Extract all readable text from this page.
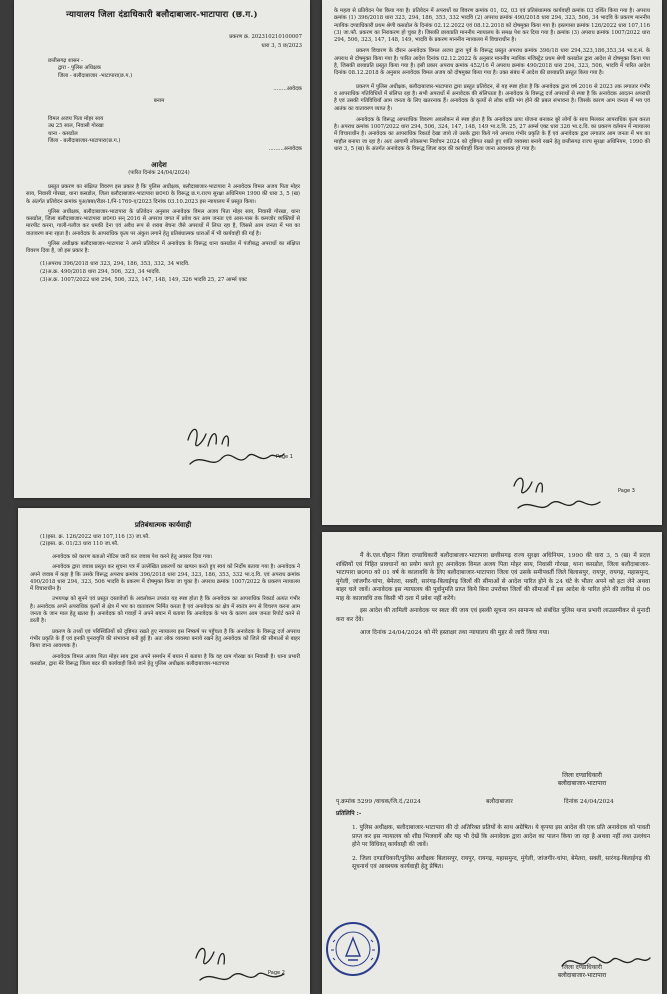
न्यायालय जिला दंडाधिकारी बलौदाबाजार-भाटापारा (छ.ग.)
प्रकरण क्र. 202310210100007
धारा 3, 5 छ/2023
छत्तीसगढ़ शासन -
द्वारा - पुलिस अधिक्षक
जिला - बलौदाबाजार -भाटापारा(छ.ग.)
........आवेदक
बनाम
विमल अजय पिता मोहर साय
उम्र 25 साल, निवासी गोरखा
थाना - कसडोल
जिला - बलौदाबाजार-भाटापारा(छ.ग.)
.........अनावेदक
आदेश
(पारित दिनांक 24/04/2024)
प्रस्तुत प्रकरण का संक्षिप्त विवरण इस प्रकार है कि पुलिस अधीक्षक, बलौदाबाजार-भाटापारा ने अनावेदक विमल अजय पिता मोहर साय, निवासी गोरखा, थाना कसडोल, जिला बलौदाबाजार-भाटापारा छ0ग0 के विरूद्ध छ.ग.राज्य सुरक्षा अधिनियम 1990 की धारा 3, 5 (ख) के अंतर्गत प्रतिवेदन क्रमांक पुअ/बबा/रीडर-1/नि-1769-ए/2023 दिनांक 03.10.2023 इस न्यायालय में प्रस्तुत किया।
पुलिस अधीक्षक, बलौदाबाजार-भाटापारा के प्रतिवेदन अनुसार अनावेदक विमल अजय पिता मोहर साय, निवासी गोरखा, थाना कसडोल, जिला बलौदाबाजार-भाटापारा छ0ग0 सन् 2016 से अपराध जगत में प्रवेश कर आम जनता एवं आस-पास के कमजोर व्यक्तियों से मारपीट करना, गाली-गलौज कर धमकी देना एवं अवैध रूप से शराब बेचना जैसे अपराधों में लिप्त रहा है, जिससे आम जनता में भय का वातावरण बना रहता है। अनावेदक के आपराधिक कृत्य पर अंकुश लगाने हेतु प्रतिबंधात्मक धाराओं में भी कार्यवाही की गई है।
पुलिस अधीक्षक बलौदाबाजार-भाटापारा ने अपने प्रतिवेदन में अनावेदक के विरूद्ध थाना कसडोल में पंजीबद्ध अपराधों का संक्षिप्त विवरण दिया है, जो इस प्रकार है:
(1)अपराध 396/2018 धारा 323, 294, 186, 353, 332, 34 भादवि.
(2)अ.क्र. 490/2018 धारा 294, 506, 323, 34 भादवि.
(3)अ.क्र. 1007/2022 धारा 294, 506, 323, 147, 148, 149, 326 भादवि 25, 27 आर्म्स एक्ट
Page 1
के महत्व से प्रतिवेदन पेश किया गया है। प्रतिवेदन में अपराधों का विवरण क्रमांक 01, 02, 03 एवं प्रतिबंधात्मक कार्यवाही क्रमांक 03 दर्शित किया गया है। अपराध क्रमांक (1) 396/2018 धारा 323, 294, 186, 353, 332 भादवि (2) अपराध क्रमांक 490/2018 धारा 294, 323, 506, 34 भादवि के प्रकरण माननीय न्यायिक दण्डाधिकारी प्रथम श्रेणी कसडोल के दिनांक 02.12.2022 एवं 08.12.2018 को दोषमुक्त किया गया है। इस्तगासा क्रमांक 126/2022 धारा 107,116 (3) जा.फौ. प्रकरण का निराकरण हो चुका है। जिसकी छायाप्रति माननीय न्यायालय के समक्ष पेश कर दिया गया है। क्रमांक (3) अपराध क्रमांक 1007/2022 धारा 294, 506, 323, 147, 148, 149, भादवि के प्रकरण माननीय न्यायालय में विचाराधीन है।
प्रकरण विचारण के दौरान अनावेदक विमल अजय द्वारा पूर्व के विरूद्ध प्रस्तुत अपराध क्रमांक 396/18 धारा 294,323,186,353,34 भा.द.सं. के अपराध से दोषमुक्त किया गया है। पारित आदेश दिनांक 02.12.2022 के अनुसार माननीय न्यायिक मजिस्ट्रेट प्रथम श्रेणी कसडोल द्वारा आदेश से दोषमुक्त किया गया है, जिसकी छायाप्रति प्रस्तुत किया गया है। इसी प्रकार अपराध क्रमांक 452/16 में अपराध क्रमांक 490/2018 धारा 294, 323, 506, भादवि में पारित आदेश दिनांक 08.12.2018 के अनुसार अनावेदक विमल अजय को दोषमुक्त किया गया है। उक्त संबंध में आदेश की छायाप्रति प्रस्तुत किया गया है।
प्रकरण में पुलिस अधीक्षक, बलौदाबाजार-भाटापारा द्वारा प्रस्तुत प्रतिवेदन, से यह स्पष्ट होता है कि अनावेदक द्वारा वर्ष 2016 से 2023 तक लगातार गंभीर व आपराधिक गतिविधियों में संलिप्त रहा है। सभी अपराधों में अनावेदक की संलिप्तता है। अनावेदक के विरूद्ध दर्ज अपराधों से स्पष्ट है कि अनावेदक आदतन अपराधी है एवं उसकी गतिविधियाँ आम जनता के लिए खतरनाक हैं। अनावेदक के कृत्यों से लोक शांति भंग होने की प्रबल संभावना है। जिसके कारण आम जनता में भय एवं आतंक का वातावरण व्याप्त है।
अनावेदक के विरूद्ध आपराधिक विवरण अवलोकन से स्पष्ट होता है कि अनावेदक प्रायः योजना बनाकर बुरे लोगों के साथ मिलकर आपराधिक कृत्य करता है। अपराध क्रमांक 1007/2022 धारा 294, 506, 324, 147, 148, 149 भा.द.वि. 25, 27 आर्म्स एक्ट धारा 326 भा.द.वि. का प्रकरण वर्तमान में न्यायालय में विचाराधीन है। अनावेदक का आपराधिक रिकार्ड देखा जाये तो उसके द्वारा किये गये अपराध गंभीर प्रकृति के हैं एवं अनावेदक द्वारा लगातार आम जनता में भय का माहौल बनाया जा रहा है। अतः आगामी लोकसभा निर्वाचन 2024 को दृष्टिगत रखते हुए शांति व्यवस्था बनाये रखने हेतु छत्तीसगढ़ राज्य सुरक्षा अधिनियम, 1990 की धारा 3, 5 (ख) के अंतर्गत अनावेदक के विरूद्ध जिला बदर की कार्यवाही किया जाना आवश्यक हो गया है।
Page 3
प्रतिबंधात्मक कार्यवाही
(1)इस्त. क्र. 126/2022 धारा 107,116 (3) जा.फौ.
(2)इस्त. क्र. 01/23 धारा 110 जा.फौ.
अनावेदक को कारण बताओ नोटिस जारी कर जवाब पेश करने हेतु अवसर दिया गया।
अनावेदक द्वारा जवाब प्रस्तुत कर सूचना पत्र में उल्लेखित प्रकरणों का खण्डन करते हुए स्वयं को निर्दोष बताया गया है। अनावेदक ने अपने जवाब में कहा है कि उसके विरूद्ध अपराध क्रमांक 396/2018 धारा 294, 323, 186, 353, 332 भा.द.वि. एवं अपराध क्रमांक 490/2018 धारा 294, 323, 506 भादवि के प्रकरण में दोषमुक्त किया जा चुका है। अपराध क्रमांक 1007/2022 के प्रकरण न्यायालय में विचाराधीन है।
उभयपक्ष को सुनने एवं प्रस्तुत दस्तावेजों के अवलोकन उपरांत यह स्पष्ट होता है कि अनावेदक का आपराधिक रिकार्ड अत्यंत गंभीर है। अनावेदक अपने अपराधिक कृत्यों से क्षेत्र में भय का वातावरण निर्मित करता है एवं अनावेदक का क्षेत्र में स्वतंत्र रूप से विचरण करना आम जनता के जान माल हेतु खतरा है। अनावेदक को गवाहों ने अपने बयान में बताया कि अनावेदक के भय के कारण आम जनता रिपोर्ट करने से डरती है।
प्रकरण के तथ्यों एवं परिस्थितियों को दृष्टिगत रखते हुए न्यायालय इस निष्कर्ष पर पहुँचता है कि अनावेदक के विरूद्ध दर्ज अपराध गंभीर प्रकृति के हैं एवं इनकी पुनरावृत्ति की संभावना बनी हुई है। अतः लोक व्यवस्था बनाये रखने हेतु अनावेदक को जिले की सीमाओं से बाहर किया जाना आवश्यक है।
अनावेदक विमल अजय पिता मोहर साय द्वारा अपने समर्थन में बयान में बताया है कि वह ग्राम गोरखा का निवासी है। थाना प्रभारी कसडोल, द्वारा मेरे विरूद्ध जिला बदर की कार्यवाही किये जाने हेतु पुलिस अधीक्षक बलौदाबाजार-भाटापारा
Page 2
मैं के.एल.चौहान जिला दण्डाधिकारी बलौदाबाजार-भाटापारा छत्तीसगढ़ राज्य सुरक्षा अधिनियम, 1990 की धारा 3, 5 (ख) में प्रदत्त शक्तियों एवं निहित प्रावधानों का प्रयोग करते हुए अनावेदक विमल अजय पिता मोहर साय, निवासी गोरखा, थाना कसडोल, जिला बलौदाबाजार-भाटापारा छ0ग0 को 01 वर्ष के कालावधि के लिए बलौदाबाजार-भाटापारा जिला एवं उसके समीपवर्ती जिले बिलासपुर, रायपुर, रायगढ़, महासमुन्द, मुंगेली, जांजगीर-चांपा, बेमेतरा, सक्ती, सारंगढ़-बिलाईगढ़ जिलों की सीमाओं से आदेश पारित होने के 24 घंटे के भीतर अपने को हटा लेने अथवा बाहर चले जावें। अनावेदक इस न्यायालय की पूर्वानुमति प्राप्त किये बिना उपरोक्त जिलों की सीमाओं में इस आदेश के पारित होने की तारीख से 06 माह के कालावधि तक किसी भी दशा में प्रवेश नहीं करेंगे।
इस आदेश की तामिली अनावेदक पर स्वतः की जाय एवं इसकी सूचना जन सामान्य को संबंधित पुलिस थाना प्रभारी लाउडस्पीकर से मुनादी करा कर देंवे।
आज दिनांक 24/04/2024 को मेरे हस्ताक्षर तथा न्यायालय की मुहर से जारी किया गया।
जिला दण्डाधिकारी
बलौदाबाजार-भाटापारा
पृ.क्रमांक 5299 /वाचक/जि.दं./2024	बलौदाबाजार	दिनांक 24/04/2024
प्रतिलिपि :-
1. पुलिस अधीक्षक, बलौदाबाजार-भाटापारा की दो अतिरिक्त प्रतियों के साथ अग्रेषित। ये कृपया इस आदेश की एक प्रति अनावेदक को पावती प्राप्त कर इस न्यायालय को शीघ्र भिजवायें और यह भी देखें कि अनावेदक द्वारा आदेश का पालन किया जा रहा है अथवा नहीं तथा उल्लंघन होने पर विधिवत् कार्यवाही की जावें।
2. जिला दण्डाधिकारी/पुलिस अधीक्षक बिलासपुर, रायपुर, रायगढ़, महासमुन्द, मुंगेली, जांजगीर-चांपा, बेमेतरा, सक्ती, सारंगढ़-बिलाईगढ़ की सूचनार्थ एवं आवश्यक कार्यवाही हेतु प्रेषित।
जिला दण्डाधिकारी
बलौदाबाजार-भाटापारा
